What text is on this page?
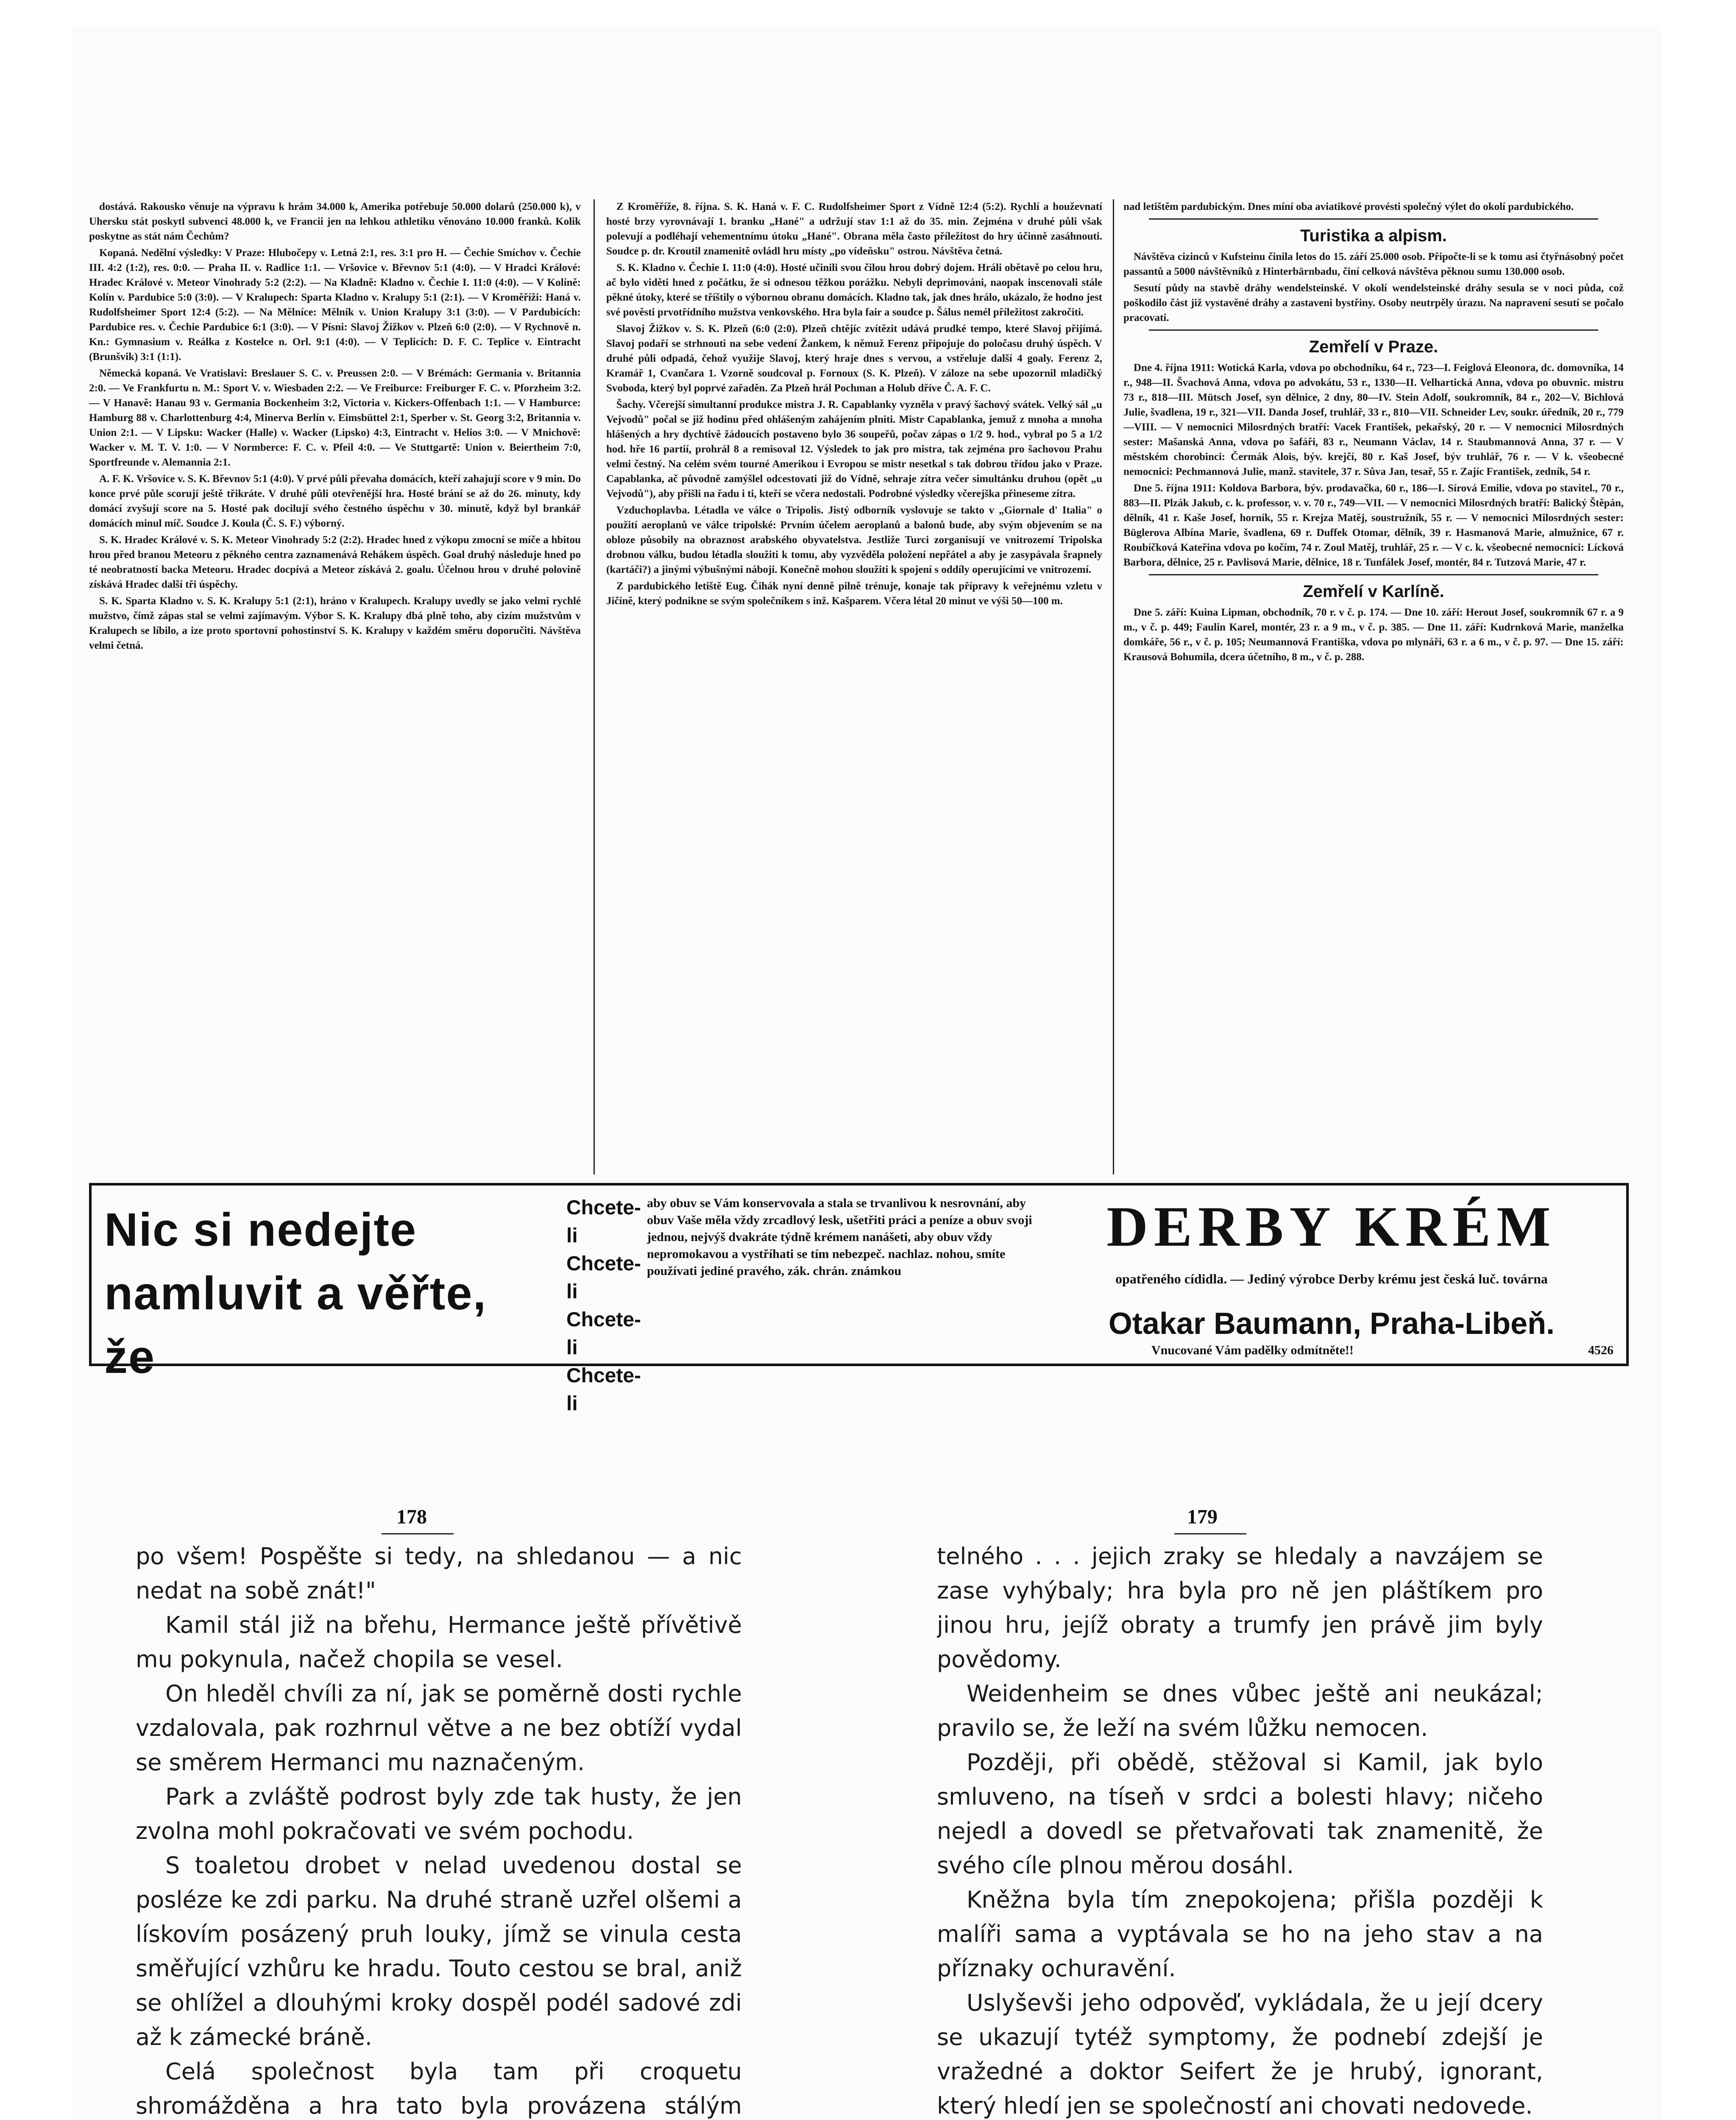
dostává. Rakousko věnuje na výpravu k hrám 34.000 k, Amerika potřebuje 50.000 dolarů (250.000 k), v Uhersku stát poskytl subvenci 48.000 k, ve Francii jen na lehkou athletiku věnováno 10.000 franků. Kolik poskytne as stát nám Čechům?

Kopaná. Nedělní výsledky: V Praze: Hlubočepy v. Letná 2:1, res. 3:1 pro H. — Čechie Smíchov v. Čechie III. 4:2 (1:2), res. 0:0. — Praha II. v. Radlice 1:1. — Vršovice v. Břevnov 5:1 (4:0). — V Hradci Králové: Hradec Králové v. Meteor Vinohrady 5:2 (2:2). — Na Kladně: Kladno v. Čechie I. 11:0 (4:0). — V Kolíně: Kolín v. Pardubice 5:0 (3:0). — V Kralupech: Sparta Kladno v. Kralupy 5:1 (2:1). — V Kroměříži: Haná v. Rudolfsheimer Sport 12:4 (5:2). — Na Mělníce: Mělník v. Union Kralupy 3:1 (3:0). — V Pardubicích: Pardubice res. v. Čechie Pardubice 6:1 (3:0). — V Písni: Slavoj Žižkov v. Plzeň 6:0 (2:0). — V Rychnově n. Kn.: Gymnasium v. Reálka z Kostelce n. Orl. 9:1 (4:0). — V Teplicích: D. F. C. Teplice v. Eintracht (Brunšvik) 3:1 (1:1).

Německá kopaná. Ve Vratislavi: Breslauer S. C. v. Preussen 2:0. — V Brémách: Germania v. Britannia 2:0. — Ve Frankfurtu n. M.: Sport V. v. Wiesbaden 2:2. — Ve Freiburce: Freiburger F. C. v. Pforzheim 3:2. — V Hanavě: Hanau 93 v. Germania Bockenheim 3:2, Victoria v. Kickers-Offenbach 1:1. — V Hamburce: Hamburg 88 v. Charlottenburg 4:4, Minerva Berlín v. Eimsbüttel 2:1, Sperber v. St. Georg 3:2, Britannia v. Union 2:1. — V Lipsku: Wacker (Halle) v. Wacker (Lipsko) 4:3, Eintracht v. Helios 3:0. — V Mnichově: Wacker v. M. T. V. 1:0. — V Normberce: F. C. v. Pfeil 4:0. — Ve Stuttgartě: Union v. Beiertheim 7:0, Sportfreunde v. Alemannia 2:1.

A. F. K. Vršovice v. S. K. Břevnov 5:1 (4:0). V prvé půli převaha domácích, kteří zahajují score v 9 min. Do konce prvé půle scorují ještě třikráte. V druhé půli otevřenější hra. Hosté brání se až do 26. minuty, kdy domácí zvyšují score na 5. Hosté pak docilují svého čestného úspěchu v 30. minutě, když byl brankář domácích minul míč. Soudce J. Koula (Č. S. F.) výborný.

S. K. Hradec Králové v. S. K. Meteor Vinohrady 5:2 (2:2). Hradec hned z výkopu zmocní se míče a hbitou hrou před branou Meteoru z pěkného centra zaznamenává Rehákem úspěch. Goal druhý následuje hned po té neobratností backa Meteoru. Hradec docpívá a Meteor získává 2. goalu. Účelnou hrou v druhé polovině získává Hradec další tři úspěchy.

S. K. Sparta Kladno v. S. K. Kralupy 5:1 (2:1), hráno v Kralupech. Kralupy uvedly se jako velmi rychlé mužstvo, čímž zápas stal se velmi zajímavým. Výbor S. K. Kralupy dbá plně toho, aby cizím mužstvům v Kralupech se líbilo, a ize proto sportovní pohostinství S. K. Kralupy v každém směru doporučiti. Návštěva velmi četná.

Z Kroměříže, 8. října. S. K. Haná v. F. C. Rudolfsheimer Sport z Vídně 12:4 (5:2). Rychlí a houževnatí hosté brzy vyrovnávají 1. branku „Hané" a udržují stav 1:1 až do 35. min. Zejména v druhé půli však polevují a podléhají vehementnímu útoku „Hané". Obrana měla často příležitost do hry účinně zasáhnouti. Soudce p. dr. Kroutil znamenitě ovládl hru místy „po vídeňsku" ostrou. Návštěva četná.

S. K. Kladno v. Čechie I. 11:0 (4:0). Hosté učinili svou čilou hrou dobrý dojem. Hráli obětavě po celou hru, ač bylo viděti hned z počátku, že si odnesou těžkou porážku. Nebyli deprimováni, naopak inscenovali stále pěkné útoky, které se tříštily o výbornou obranu domácích. Kladno tak, jak dnes hrálo, ukázalo, že hodno jest své pověsti prvotřídního mužstva venkovského. Hra byla fair a soudce p. Šálus nemél příležitost zakročiti.

Slavoj Žižkov v. S. K. Plzeň (6:0 (2:0). Plzeň chtějíc zvítězit udává prudké tempo, které Slavoj přijímá. Slavoj podaří se strhnouti na sebe vedení Žankem, k němuž Ferenz připojuje do poločasu druhý úspěch. V druhé půli odpadá, čehož využije Slavoj, který hraje dnes s vervou, a vstřeluje další 4 goaly. Ferenz 2, Kramář 1, Cvančara 1. Vzorně soudcoval p. Fornoux (S. K. Plzeň). V záloze na sebe upozornil mladičký Svoboda, který byl poprvé zařaděn. Za Plzeň hrál Pochman a Holub dříve Č. A. F. C.

Šachy. Včerejší simultanní produkce mistra J. R. Capablanky vyzněla v pravý šachový svátek. Velký sál „u Vejvodů" počal se již hodinu před ohlášeným zahájením plniti. Mistr Capablanka, jemuž z mnoha a mnoha hlášených a hry dychtivě žádoucích postaveno bylo 36 soupeřů, počav zápas o 1/2 9. hod., vybral po 5 a 1/2 hod. hře 16 partií, prohrál 8 a remisoval 12. Výsledek to jak pro mistra, tak zejména pro šachovou Prahu velmi čestný. Na celém svém tourné Amerikou i Evropou se mistr nesetkal s tak dobrou třídou jako v Praze. Capablanka, ač původně zamýšlel odcestovati již do Vídně, sehraje zítra večer simultánku druhou (opět „u Vejvodů"), aby přišli na řadu i ti, kteří se včera nedostali. Podrobné výsledky včerejška přineseme zítra.

Vzduchoplavba. Létadla ve válce o Tripolis. Jistý odborník vyslovuje se takto v „Giornale d' Italia" o použití aeroplanů ve válce tripolské: Prvním účelem aeroplanů a balonů bude, aby svým objevením se na obloze působily na obraznost arabského obyvatelstva. Jestliže Turci zorganisují ve vnitrozemí Tripolska drobnou válku, budou létadla sloužiti k tomu, aby vyzvěděla položení nepřátel a aby je zasypávala šrapnely (kartáči?) a jinými výbušnými náboji. Konečně mohou sloužiti k spojení s oddíly operujícími ve vnitrozemí.

Z pardubického letiště Eug. Čihák nyní denně pilně trénuje, konaje tak přípravy k veřejnému vzletu v Jičíně, který podnikne se svým společníkem s inž. Kašparem. Včera létal 20 minut ve výši 50—100 m.

nad letištěm pardubickým. Dnes míní oba aviatikové provésti společný výlet do okolí pardubického.

Turistika a alpism.

Návštěva cizinců v Kufsteinu činila letos do 15. září 25.000 osob. Připočte-li se k tomu asi čtyřnásobný počet passantů a 5000 návštěvníků z Hinterbärnbadu, činí celková návštěva pěknou sumu 130.000 osob.

Sesutí půdy na stavbě dráhy wendelsteinské. V okolí wendelsteinské dráhy sesula se v noci půda, což poškodilo část již vystavěné dráhy a zastaveni bystřiny. Osoby neutrpěly úrazu. Na napravení sesutí se počalo pracovati.

Zemřelí v Praze.

Dne 4. října 1911: Wotická Karla, vdova po obchodníku, 64 r., 723—I. Feiglová Eleonora, dc. domovníka, 14 r., 948—II. Švachová Anna, vdova po advokátu, 53 r., 1330—II. Velhartická Anna, vdova po obuvnic. mistru 73 r., 818—III. Mütsch Josef, syn dělnice, 2 dny, 80—IV. Stein Adolf, soukromník, 84 r., 202—V. Bichlová Julie, švadlena, 19 r., 321—VII. Danda Josef, truhlář, 33 r., 810—VII. Schneider Lev, soukr. úředník, 20 r., 779—VIII. — V nemocnici Milosrdných bratří: Vacek František, pekařský, 20 r. — V nemocnici Milosrdných sester: Mašanská Anna, vdova po šafáři, 83 r., Neumann Václav, 14 r. Staubmannová Anna, 37 r. — V městském chorobinci: Čermák Alois, býv. krejčí, 80 r. Kaš Josef, býv truhlář, 76 r. — V k. všeobecné nemocnici: Pechmannová Julie, manž. stavitele, 37 r. Sůva Jan, tesař, 55 r. Zajíc František, zedník, 54 r.

Dne 5. října 1911: Koldova Barbora, býv. prodavačka, 60 r., 186—I. Sírová Emilie, vdova po stavitel., 70 r., 883—II. Plzák Jakub, c. k. professor, v. v. 70 r., 749—VII. — V nemocnici Milosrdných bratří: Balický Štěpán, dělník, 41 r. Kaše Josef, horník, 55 r. Krejza Matěj, soustružník, 55 r. — V nemocnici Milosrdných sester: Büglerova Albína Marie, švadlena, 69 r. Duffek Otomar, dělník, 39 r. Hasmanová Marie, almužnice, 67 r. Roubíčková Kateřina vdova po kočím, 74 r. Zoul Matěj, truhlář, 25 r. — V c. k. všeobecné nemocnici: Lícková Barbora, dělnice, 25 r. Pavlisová Marie, dělnice, 18 r. Tunfálek Josef, montér, 84 r. Tutzová Marie, 47 r.

Zemřelí v Karlíně.

Dne 5. září: Kuina Lipman, obchodník, 70 r. v č. p. 174. — Dne 10. září: Herout Josef, soukromník 67 r. a 9 m., v č. p. 449; Faulin Karel, montér, 23 r. a 9 m., v č. p. 385. — Dne 11. září: Kudrnková Marie, manželka domkáře, 56 r., v č. p. 105; Neumannová Františka, vdova po mlynáři, 63 r. a 6 m., v č. p. 97. — Dne 15. září: Krausová Bohumila, dcera účetního, 8 m., v č. p. 288.

Nic si nedejte namluvit a věřte, že
Chcete-li
Chcete-li
Chcete-li
Chcete-li
aby obuv se Vám konservovala a stala se trvanlivou k nesrovnání, aby obuv Vaše měla vždy zrcadlový lesk, ušetřiti práci a peníze a obuv svoji jednou, nejvýš dvakráte týdně krémem nanášeti, aby obuv vždy nepromokavou a vystříhati se tím nebezpeč. nachlaz. nohou, smíte používati jediné pravého, zák. chrán. známkou
DERBY KRÉM
opatřeného cídidla. — Jediný výrobce Derby krému jest česká luč. továrna
Otakar Baumann, Praha-Libeň.
Vnucované Vám padělky odmítněte!!	4526
178	179

po všem! Pospěšte si tedy, na shledanou — a nic nedat na sobě znát!"

Kamil stál již na břehu, Hermance ještě přívětivě mu pokynula, načež chopila se vesel.

On hleděl chvíli za ní, jak se poměrně dosti rychle vzdalovala, pak rozhrnul větve a ne bez obtíží vydal se směrem Hermanci mu naznačeným.

Park a zvláště podrost byly zde tak husty, že jen zvolna mohl pokračovati ve svém pochodu.

S toaletou drobet v nelad uvedenou dostal se posléze ke zdi parku. Na druhé straně uzřel olšemi a lískovím posázený pruh louky, jímž se vinula cesta směřující vzhůru ke hradu. Touto cestou se bral, aniž se ohlížel a dlouhými kroky dospěl podél sadové zdi až k zámecké bráně.

Celá společnost byla tam při croquetu shromážděna a hra tato byla provázena stálým

telného . . . jejich zraky se hledaly a navzájem se zase vyhýbaly; hra byla pro ně jen pláštíkem pro jinou hru, jejíž obraty a trumfy jen právě jim byly povědomy.

Weidenheim se dnes vůbec ještě ani neukázal; pravilo se, že leží na svém lůžku nemocen.

Později, při obědě, stěžoval si Kamil, jak bylo smluveno, na tíseň v srdci a bolesti hlavy; ničeho nejedl a dovedl se přetvařovati tak znamenitě, že svého cíle plnou měrou dosáhl.

Kněžna byla tím znepokojena; přišla později k malíři sama a vyptávala se ho na jeho stav a na příznaky ochuravění.

Uslyševši jeho odpověď, vykládala, že u její dcery se ukazují tytéž symptomy, že podnebí zdejší je vražedné a doktor Seifert že je hrubý, ignorant, který hledí jen se společností ani chovati nedovede.
